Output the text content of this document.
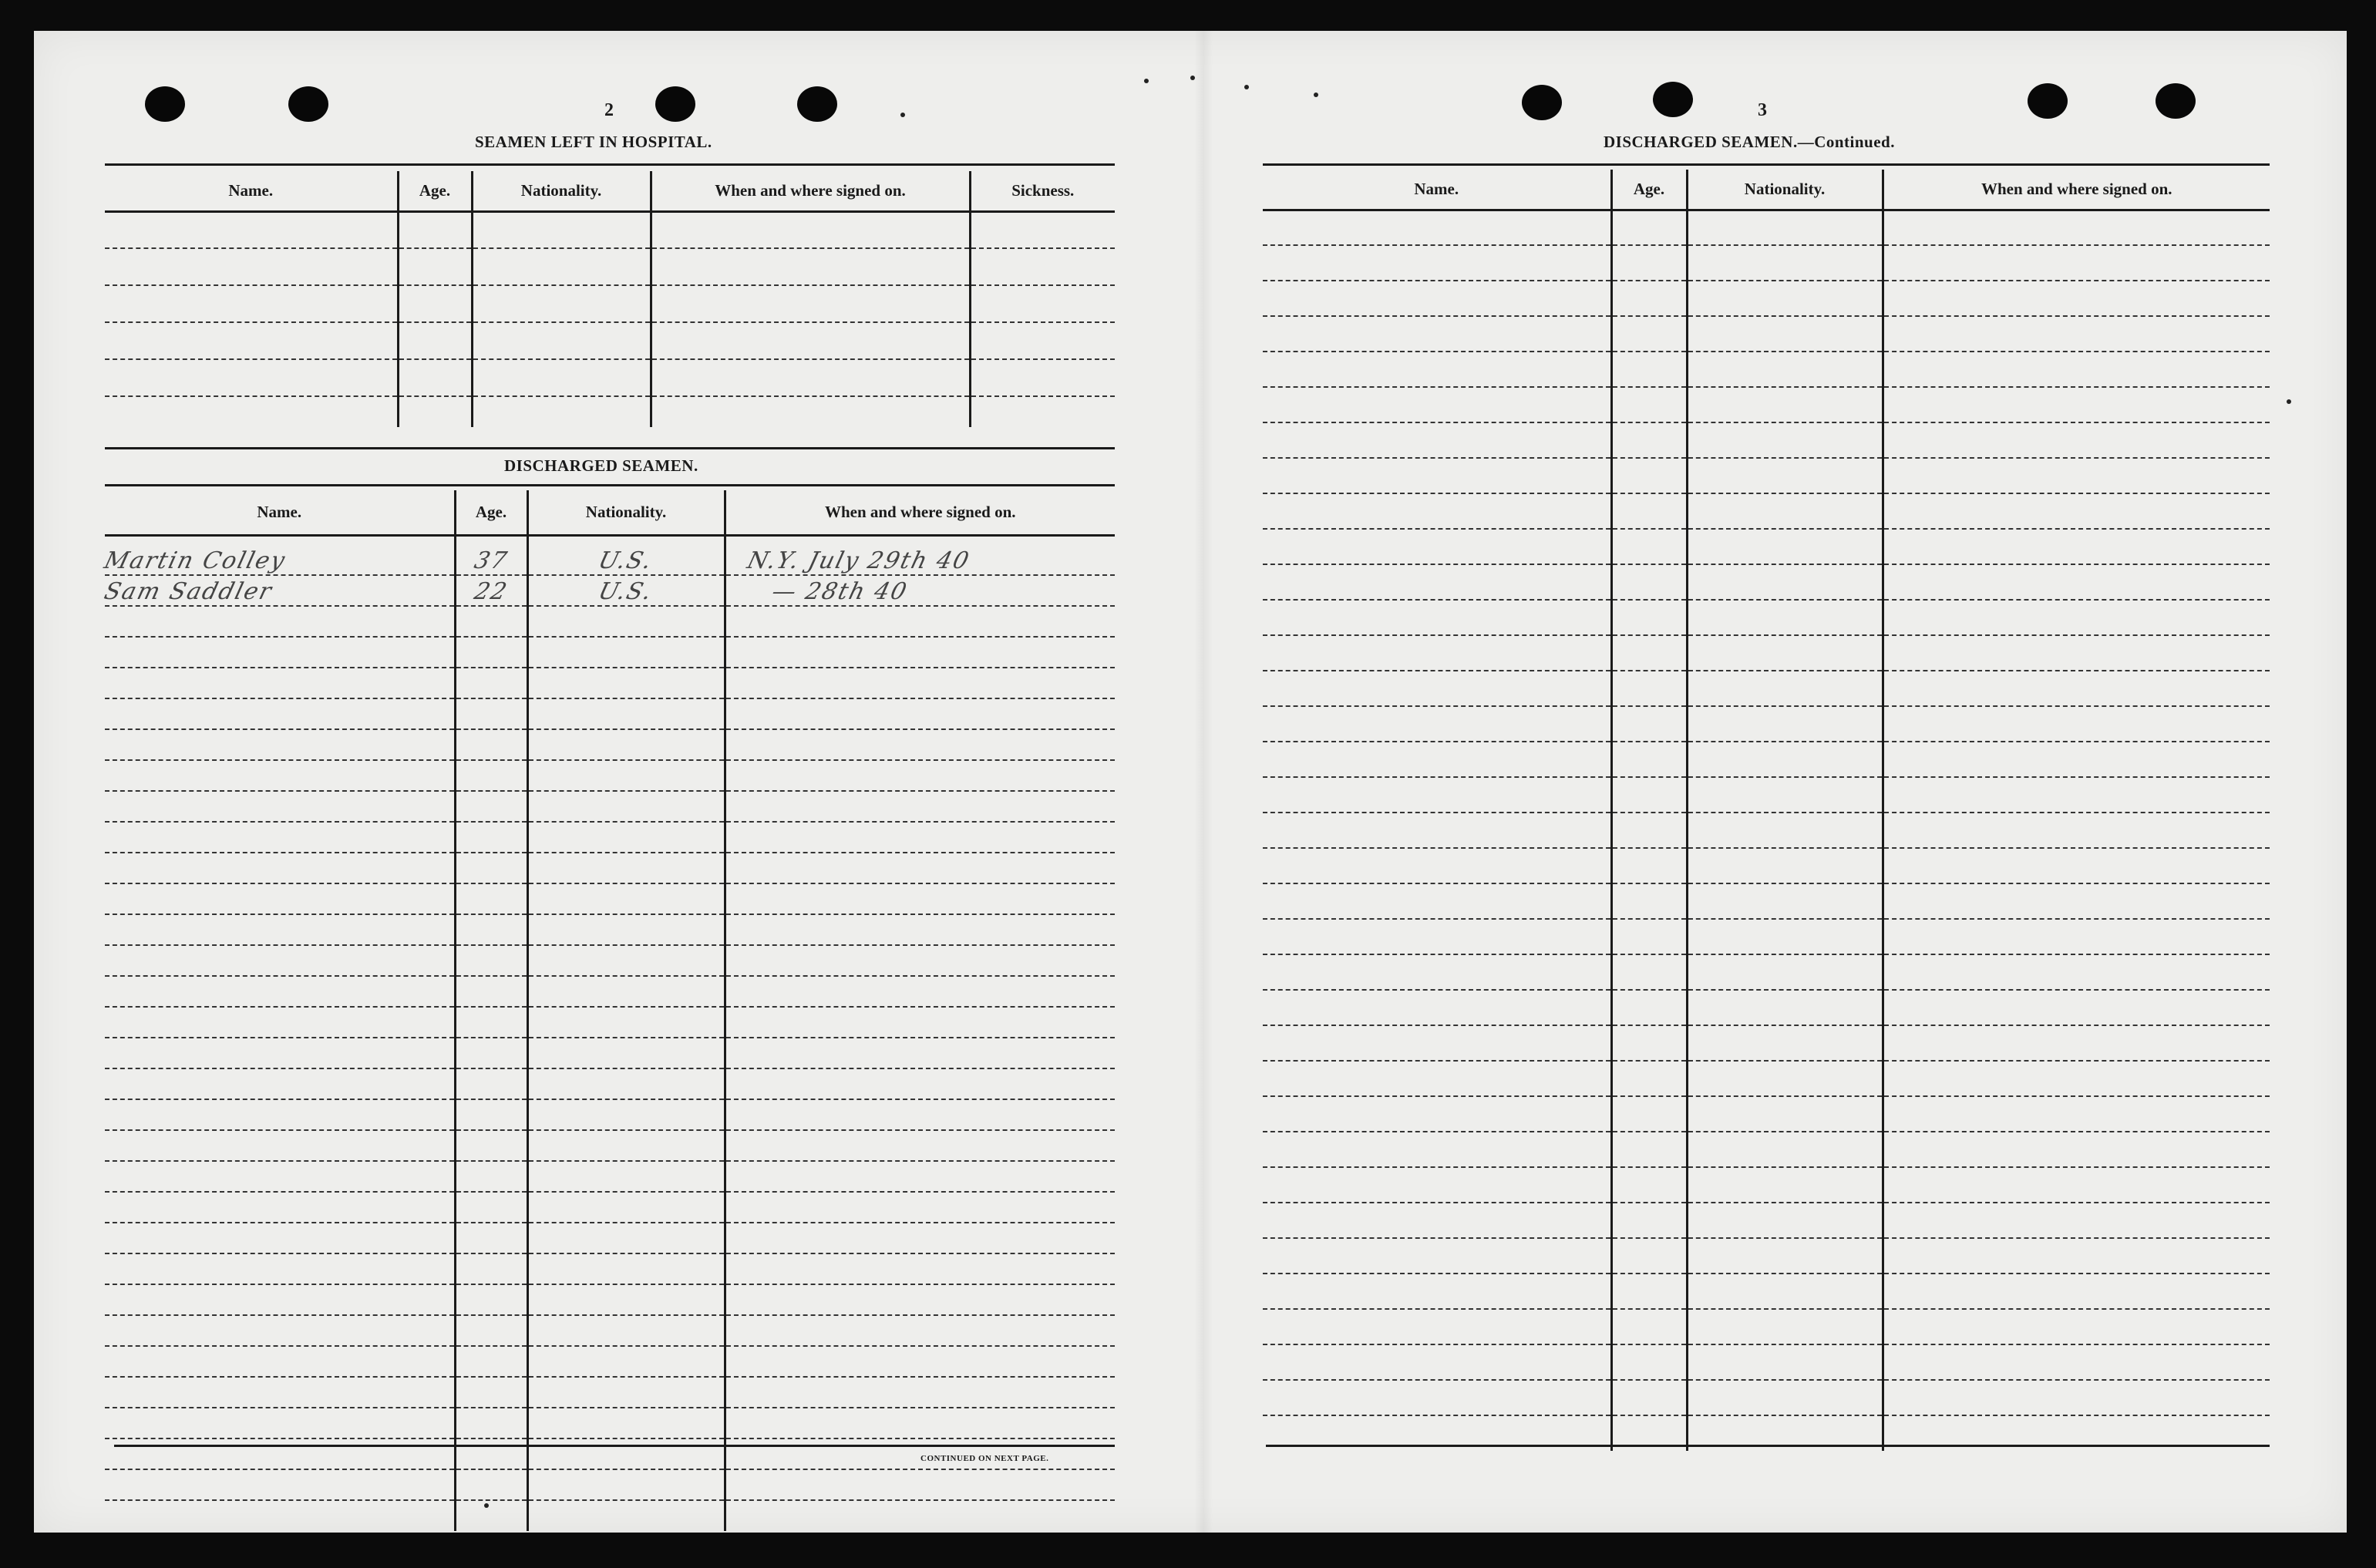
2
SEAMEN LEFT IN HOSPITAL.
Name.	Age.	Nationality.	When and where signed on.	Sickness.

DISCHARGED SEAMEN.
Name.	Age.	Nationality.	When and where signed on.
Martin Colley	37	U.S.	N.Y. July 29th 40
Sam Saddler	22	U.S.	— 28th 40

CONTINUED ON NEXT PAGE.
3
DISCHARGED SEAMEN.—Continued.
Name.	Age.	Nationality.	When and where signed on.
